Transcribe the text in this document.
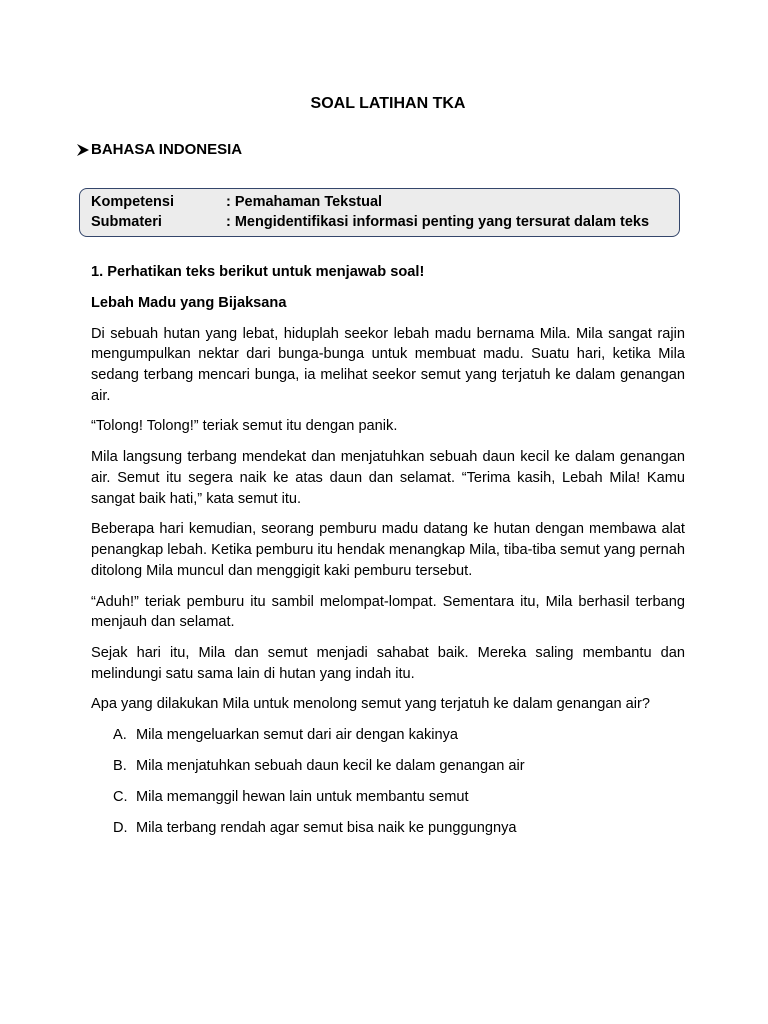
SOAL LATIHAN TKA
BAHASA INDONESIA
Kompetensi	: Pemahaman Tekstual
Submateri	: Mengidentifikasi informasi penting yang tersurat dalam teks

1. Perhatikan teks berikut untuk menjawab soal!

Lebah Madu yang Bijaksana

Di sebuah hutan yang lebat, hiduplah seekor lebah madu bernama Mila. Mila sangat rajin mengumpulkan nektar dari bunga-bunga untuk membuat madu. Suatu hari, ketika Mila sedang terbang mencari bunga, ia melihat seekor semut yang terjatuh ke dalam genangan air.

“Tolong! Tolong!” teriak semut itu dengan panik.

Mila langsung terbang mendekat dan menjatuhkan sebuah daun kecil ke dalam genangan air. Semut itu segera naik ke atas daun dan selamat. “Terima kasih, Lebah Mila! Kamu sangat baik hati,” kata semut itu.

Beberapa hari kemudian, seorang pemburu madu datang ke hutan dengan membawa alat penangkap lebah. Ketika pemburu itu hendak menangkap Mila, tiba-tiba semut yang pernah ditolong Mila muncul dan menggigit kaki pemburu tersebut.

“Aduh!” teriak pemburu itu sambil melompat-lompat. Sementara itu, Mila berhasil terbang menjauh dan selamat.

Sejak hari itu, Mila dan semut menjadi sahabat baik. Mereka saling membantu dan melindungi satu sama lain di hutan yang indah itu.

Apa yang dilakukan Mila untuk menolong semut yang terjatuh ke dalam genangan air?

A. Mila mengeluarkan semut dari air dengan kakinya
B. Mila menjatuhkan sebuah daun kecil ke dalam genangan air
C. Mila memanggil hewan lain untuk membantu semut
D. Mila terbang rendah agar semut bisa naik ke punggungnya
